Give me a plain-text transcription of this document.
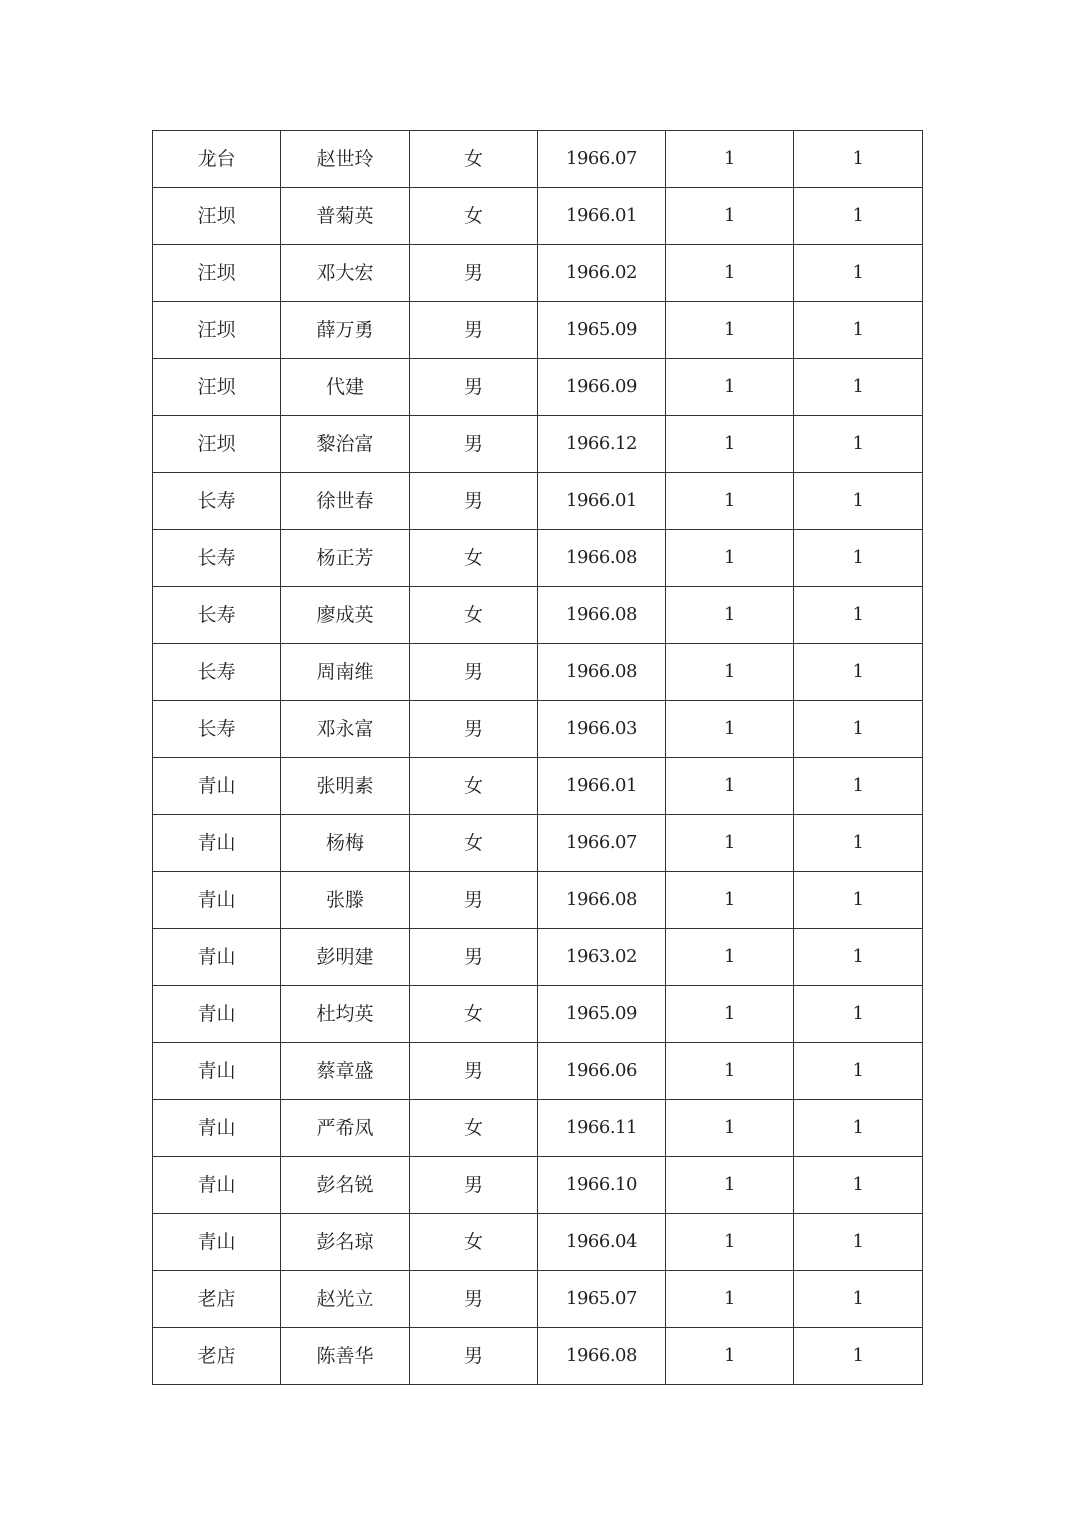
龙台	赵世玲	女	1966.07	1	1
汪坝	普菊英	女	1966.01	1	1
汪坝	邓大宏	男	1966.02	1	1
汪坝	薛万勇	男	1965.09	1	1
汪坝	代建	男	1966.09	1	1
汪坝	黎治富	男	1966.12	1	1
长寿	徐世春	男	1966.01	1	1
长寿	杨正芳	女	1966.08	1	1
长寿	廖成英	女	1966.08	1	1
长寿	周南维	男	1966.08	1	1
长寿	邓永富	男	1966.03	1	1
青山	张明素	女	1966.01	1	1
青山	杨梅	女	1966.07	1	1
青山	张滕	男	1966.08	1	1
青山	彭明建	男	1963.02	1	1
青山	杜均英	女	1965.09	1	1
青山	蔡章盛	男	1966.06	1	1
青山	严希凤	女	1966.11	1	1
青山	彭名锐	男	1966.10	1	1
青山	彭名琼	女	1966.04	1	1
老店	赵光立	男	1965.07	1	1
老店	陈善华	男	1966.08	1	1
